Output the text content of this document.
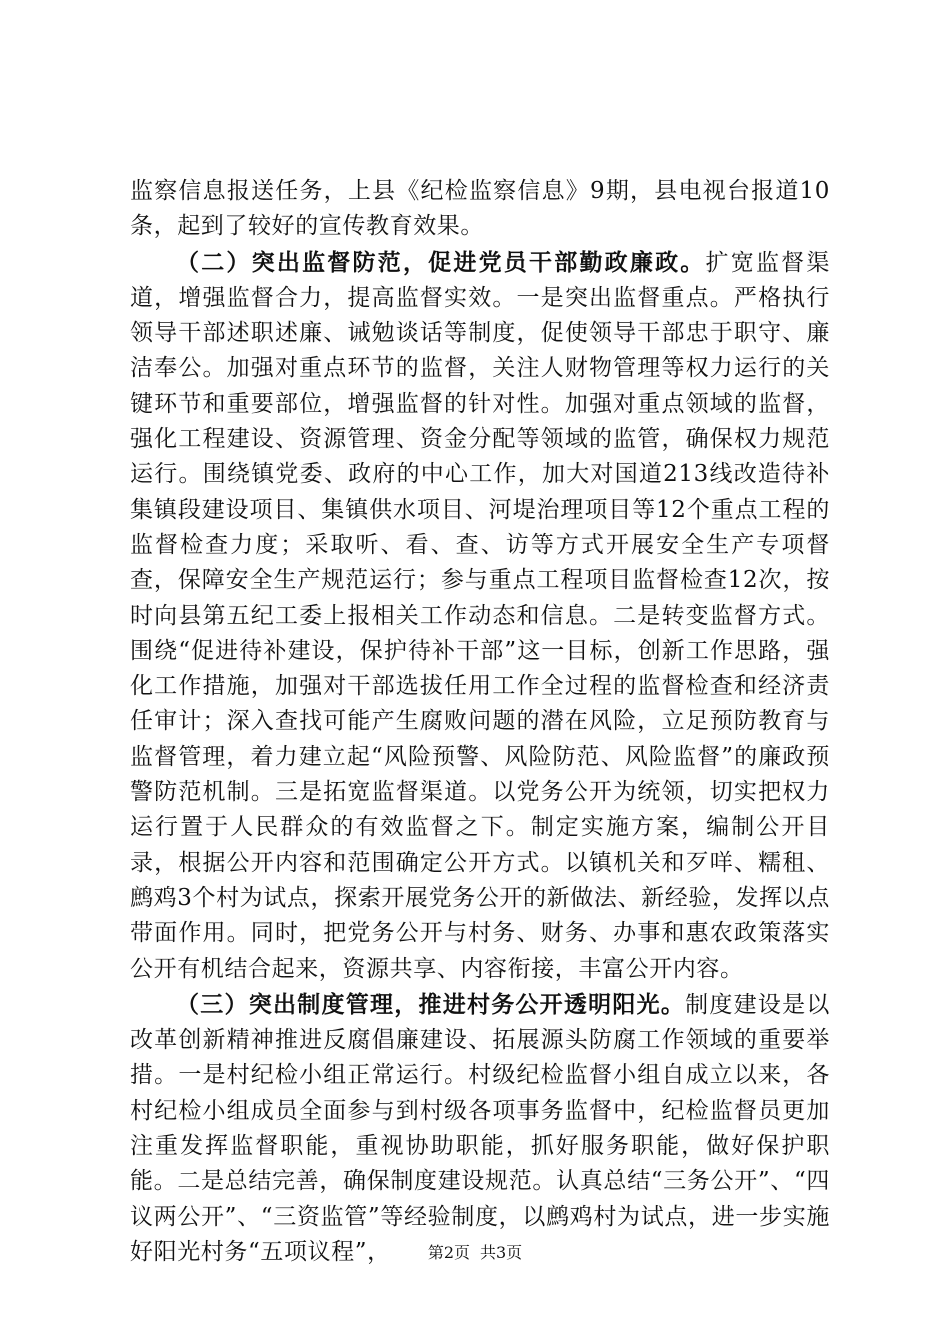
监察信息报送任务，上县《纪检监察信息》9期，县电视台报道10条，起到了较好的宣传教育效果。

（二）突出监督防范，促进党员干部勤政廉政。扩宽监督渠道，增强监督合力，提高监督实效。一是突出监督重点。严格执行领导干部述职述廉、诫勉谈话等制度，促使领导干部忠于职守、廉洁奉公。加强对重点环节的监督，关注人财物管理等权力运行的关键环节和重要部位，增强监督的针对性。加强对重点领域的监督，强化工程建设、资源管理、资金分配等领域的监管，确保权力规范运行。围绕镇党委、政府的中心工作，加大对国道213线改造待补集镇段建设项目、集镇供水项目、河堤治理项目等12个重点工程的监督检查力度；采取听、看、查、访等方式开展安全生产专项督查，保障安全生产规范运行；参与重点工程项目监督检查12次，按时向县第五纪工委上报相关工作动态和信息。二是转变监督方式。围绕“促进待补建设，保护待补干部”这一目标，创新工作思路，强化工作措施，加强对干部选拔任用工作全过程的监督检查和经济责任审计；深入查找可能产生腐败问题的潜在风险，立足预防教育与监督管理，着力建立起“风险预警、风险防范、风险监督”的廉政预警防范机制。三是拓宽监督渠道。以党务公开为统领，切实把权力运行置于人民群众的有效监督之下。制定实施方案，编制公开目录，根据公开内容和范围确定公开方式。以镇机关和歹咩、糯租、鹧鸡3个村为试点，探索开展党务公开的新做法、新经验，发挥以点带面作用。同时，把党务公开与村务、财务、办事和惠农政策落实公开有机结合起来，资源共享、内容衔接，丰富公开内容。

（三）突出制度管理，推进村务公开透明阳光。制度建设是以改革创新精神推进反腐倡廉建设、拓展源头防腐工作领域的重要举措。一是村纪检小组正常运行。村级纪检监督小组自成立以来，各村纪检小组成员全面参与到村级各项事务监督中，纪检监督员更加注重发挥监督职能，重视协助职能，抓好服务职能，做好保护职能。二是总结完善，确保制度建设规范。认真总结“三务公开”、“四议两公开”、“三资监管”等经验制度，以鹧鸡村为试点，进一步实施好阳光村务“五项议程”，	第2页 共3页
